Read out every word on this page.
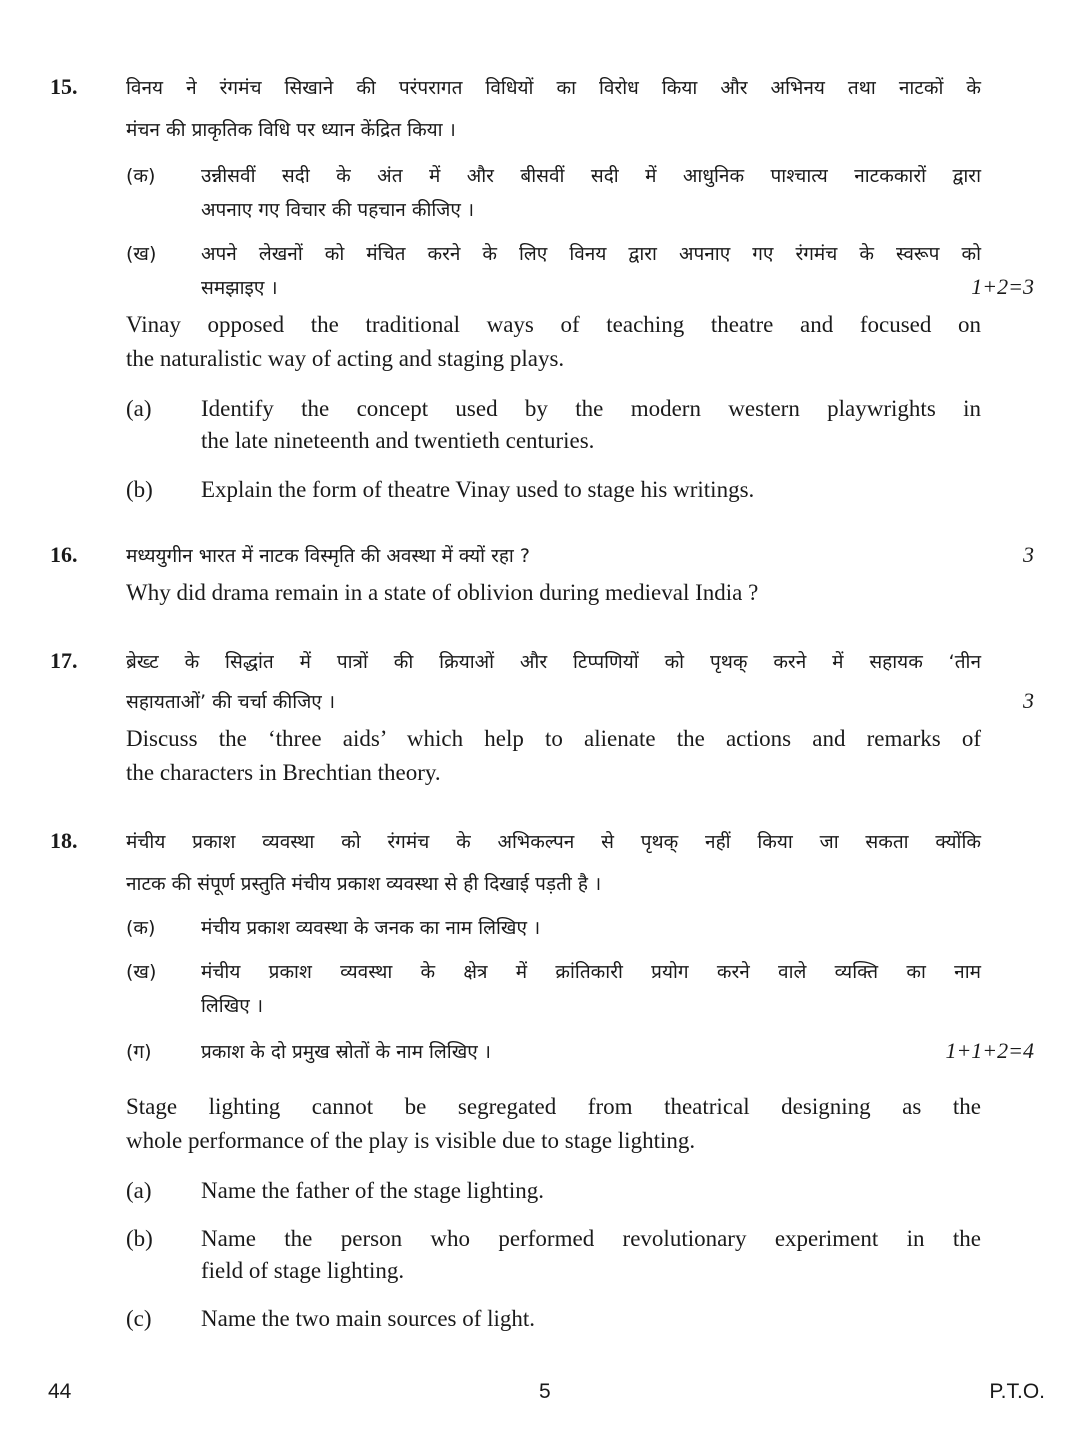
15.	विनय ने रंगमंच सिखाने की परंपरागत विधियों का विरोध किया और अभिनय तथा नाटकों के
मंचन की प्राकृतिक विधि पर ध्यान केंद्रित किया ।
(क) उन्नीसवीं सदी के अंत में और बीसवीं सदी में आधुनिक पाश्चात्य नाटककारों द्वारा
अपनाए गए विचार की पहचान कीजिए ।
(ख) अपने लेखनों को मंचित करने के लिए विनय द्वारा अपनाए गए रंगमंच के स्वरूप को
समझाइए ।	1+2=3
Vinay opposed the traditional ways of teaching theatre and focused on
the naturalistic way of acting and staging plays.
(a) Identify the concept used by the modern western playwrights in
the late nineteenth and twentieth centuries.
(b) Explain the form of theatre Vinay used to stage his writings.
16.	मध्ययुगीन भारत में नाटक विस्मृति की अवस्था में क्यों रहा ?	3
Why did drama remain in a state of oblivion during medieval India ?
17.	ब्रेख्ट के सिद्धांत में पात्रों की क्रियाओं और टिप्पणियों को पृथक् करने में सहायक ‘तीन
सहायताओं’ की चर्चा कीजिए ।	3
Discuss the ‘three aids’ which help to alienate the actions and remarks of
the characters in Brechtian theory.
18.	मंचीय प्रकाश व्यवस्था को रंगमंच के अभिकल्पन से पृथक् नहीं किया जा सकता क्योंकि
नाटक की संपूर्ण प्रस्तुति मंचीय प्रकाश व्यवस्था से ही दिखाई पड़ती है ।
(क) मंचीय प्रकाश व्यवस्था के जनक का नाम लिखिए ।
(ख) मंचीय प्रकाश व्यवस्था के क्षेत्र में क्रांतिकारी प्रयोग करने वाले व्यक्ति का नाम
लिखिए ।
(ग)	प्रकाश के दो प्रमुख स्रोतों के नाम लिखिए ।	1+1+2=4
Stage lighting cannot be segregated from theatrical designing as the
whole performance of the play is visible due to stage lighting.
(a) Name the father of the stage lighting.
(b) Name the person who performed revolutionary experiment in the
field of stage lighting.
(c) Name the two main sources of light.
44	5	P.T.O.
